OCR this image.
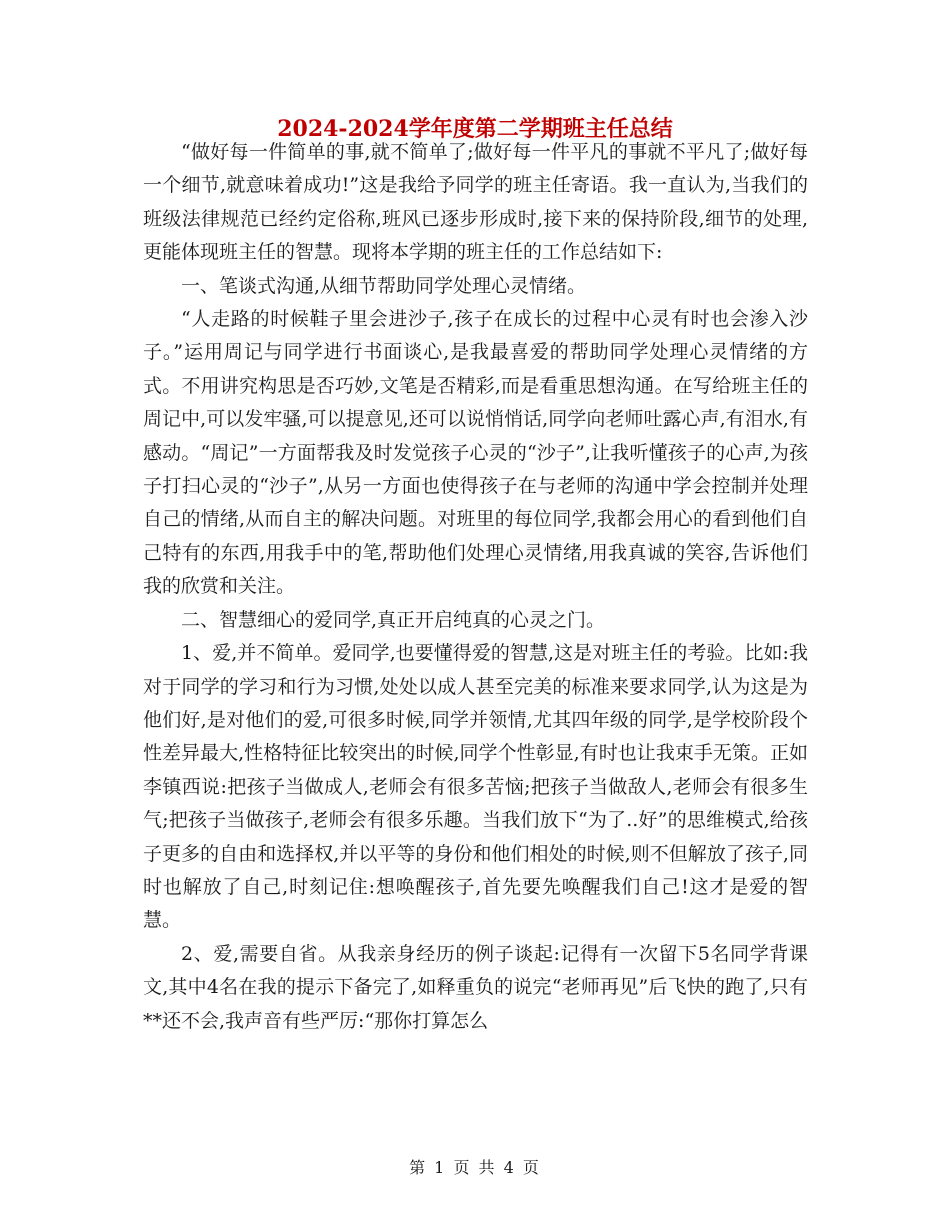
2024-2024学年度第二学期班主任总结

“做好每一件简单的事,就不简单了;做好每一件平凡的事就不平凡了;做好每一个细节,就意味着成功!”这是我给予同学的班主任寄语。我一直认为,当我们的班级法律规范已经约定俗称,班风已逐步形成时,接下来的保持阶段,细节的处理,更能体现班主任的智慧。现将本学期的班主任的工作总结如下:

一、笔谈式沟通,从细节帮助同学处理心灵情绪。

“人走路的时候鞋子里会进沙子,孩子在成长的过程中心灵有时也会渗入沙子。”运用周记与同学进行书面谈心,是我最喜爱的帮助同学处理心灵情绪的方式。不用讲究构思是否巧妙,文笔是否精彩,而是看重思想沟通。在写给班主任的周记中,可以发牢骚,可以提意见,还可以说悄悄话,同学向老师吐露心声,有泪水,有感动。“周记”一方面帮我及时发觉孩子心灵的“沙子”,让我听懂孩子的心声,为孩子打扫心灵的“沙子”,从另一方面也使得孩子在与老师的沟通中学会控制并处理自己的情绪,从而自主的解决问题。对班里的每位同学,我都会用心的看到他们自己特有的东西,用我手中的笔,帮助他们处理心灵情绪,用我真诚的笑容,告诉他们我的欣赏和关注。

二、智慧细心的爱同学,真正开启纯真的心灵之门。

1、爱,并不简单。爱同学,也要懂得爱的智慧,这是对班主任的考验。比如:我对于同学的学习和行为习惯,处处以成人甚至完美的标准来要求同学,认为这是为他们好,是对他们的爱,可很多时候,同学并领情,尤其四年级的同学,是学校阶段个性差异最大,性格特征比较突出的时候,同学个性彰显,有时也让我束手无策。正如李镇西说:把孩子当做成人,老师会有很多苦恼;把孩子当做敌人,老师会有很多生气;把孩子当做孩子,老师会有很多乐趣。当我们放下“为了..好”的思维模式,给孩子更多的自由和选择权,并以平等的身份和他们相处的时候,则不但解放了孩子,同时也解放了自己,时刻记住:想唤醒孩子,首先要先唤醒我们自己!这才是爱的智慧。

2、爱,需要自省。从我亲身经历的例子谈起:记得有一次留下5名同学背课文,其中4名在我的提示下备完了,如释重负的说完“老师再见”后飞快的跑了,只有**还不会,我声音有些严厉:“那你打算怎么

第 1 页 共 4 页
